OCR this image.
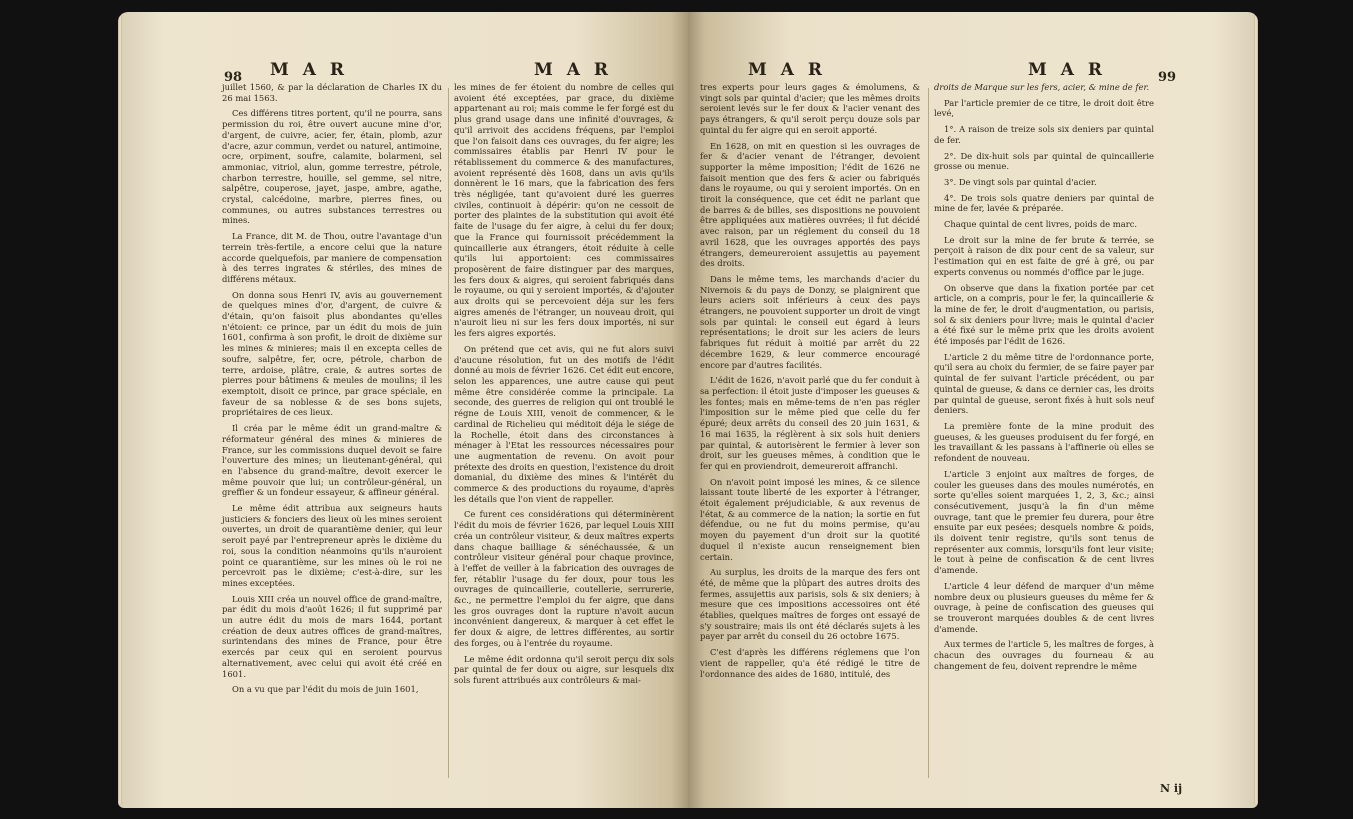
98 M A R	M A R

juillet 1560, & par la déclaration de Charles IX du 26 mai 1563.

Ces différens titres portent, qu'il ne pourra, sans permission du roi, être ouvert aucune mine d'or, d'argent, de cuivre, acier, fer, étain, plomb, azur d'acre, azur commun, verdet ou naturel, antimoine, ocre, orpiment, soufre, calamite, bolarmeni, sel ammoniac, vitriol, alun, gomme terrestre, pétrole, charbon terrestre, houille, sel gemme, sel nitre, salpêtre, couperose, jayet, jaspe, ambre, agathe, crystal, calcédoine, marbre, pierres fines, ou communes, ou autres substances terrestres ou mines.

La France, dit M. de Thou, outre l'avantage d'un terrein très-fertile, a encore celui que la nature accorde quelquefois, par maniere de compensation à des terres ingrates & stériles, des mines de différens métaux.

On donna sous Henri IV, avis au gouvernement de quelques mines d'or, d'argent, de cuivre & d'étain, qu'on faisoit plus abondantes qu'elles n'étoient: ce prince, par un édit du mois de juin 1601, confirma à son profit, le droit de dixième sur les mines & minieres; mais il en excepta celles de soufre, salpêtre, fer, ocre, pétrole, charbon de terre, ardoise, plâtre, craie, & autres sortes de pierres pour bâtimens & meules de moulins; il les exemptoit, disoit ce prince, par grace spéciale, en faveur de sa noblesse & de ses bons sujets, propriétaires de ces lieux.

Il créa par le même édit un grand-maître & réformateur général des mines & minieres de France, sur les commissions duquel devoit se faire l'ouverture des mines; un lieutenant-général, qui en l'absence du grand-maître, devoit exercer le même pouvoir que lui; un contrôleur-général, un greffier & un fondeur essayeur, & affineur général.

Le même édit attribua aux seigneurs hauts justiciers & fonciers des lieux où les mines seroient ouvertes, un droit de quarantième denier, qui leur seroit payé par l'entrepreneur après le dixième du roi, sous la condition néanmoins qu'ils n'auroient point ce quarantième, sur les mines où le roi ne percevroit pas le dixième; c'est-à-dire, sur les mines exceptées.

Louis XIII créa un nouvel office de grand-maître, par édit du mois d'août 1626; il fut supprimé par un autre édit du mois de mars 1644, portant création de deux autres offices de grand-maîtres, surintendans des mines de France, pour être exercés par ceux qui en seroient pourvus alternativement, avec celui qui avoit été créé en 1601.

On a vu que par l'édit du mois de juin 1601,

les mines de fer étoient du nombre de celles qui avoient été exceptées, par grace, du dixième appartenant au roi; mais comme le fer forgé est du plus grand usage dans une infinité d'ouvrages, & qu'il arrivoit des accidens fréquens, par l'emploi que l'on faisoit dans ces ouvrages, du fer aigre; les commissaires établis par Henri IV pour le rétablissement du commerce & des manufactures, avoient représenté dès 1608, dans un avis qu'ils donnèrent le 16 mars, que la fabrication des fers très négligée, tant qu'avoient duré les guerres civiles, continuoit à dépérir: qu'on ne cessoit de porter des plaintes de la substitution qui avoit été faite de l'usage du fer aigre, à celui du fer doux; que la France qui fournissoit précédemment la quincaillerie aux étrangers, étoit réduite à celle qu'ils lui apportoient: ces commissaires proposèrent de faire distinguer par des marques, les fers doux & aigres, qui seroient fabriqués dans le royaume, ou qui y seroient importés, & d'ajouter aux droits qui se percevoient déja sur les fers aigres amenés de l'étranger, un nouveau droit, qui n'auroit lieu ni sur les fers doux importés, ni sur les fers aigres exportés.

On prétend que cet avis, qui ne fut alors suivi d'aucune résolution, fut un des motifs de l'édit donné au mois de février 1626. Cet édit eut encore, selon les apparences, une autre cause qui peut même être considérée comme la principale. La seconde, des guerres de religion qui ont troublé le régne de Louis XIII, venoit de commencer, & le cardinal de Richelieu qui méditoit déja le siége de la Rochelle, étoit dans des circonstances à ménager à l'Etat les ressources nécessaires pour une augmentation de revenu. On avoit pour prétexte des droits en question, l'existence du droit domanial, du dixième des mines & l'intérêt du commerce & des productions du royaume, d'après les détails que l'on vient de rappeller.

Ce furent ces considérations qui déterminèrent l'édit du mois de février 1626, par lequel Louis XIII créa un contrôleur visiteur, & deux maîtres experts dans chaque bailliage & sénéchaussée, & un contrôleur visiteur général pour chaque province, à l'effet de veiller à la fabrication des ouvrages de fer, rétablir l'usage du fer doux, pour tous les ouvrages de quincaillerie, coutellerie, serrurerie, &c., ne permettre l'emploi du fer aigre, que dans les gros ouvrages dont la rupture n'avoit aucun inconvénient dangereux, & marquer à cet effet le fer doux & aigre, de lettres différentes, au sortir des forges, ou à l'entrée du royaume.

Le même édit ordonna qu'il seroit perçu dix sols par quintal de fer doux ou aigre, sur lesquels dix sols furent attribués aux contrôleurs & mai-

M A R	M A R	99

tres experts pour leurs gages & émolumens, & vingt sols par quintal d'acier; que les mêmes droits seroient levés sur le fer doux & l'acier venant des pays étrangers, & qu'il seroit perçu douze sols par quintal du fer aigre qui en seroit apporté.

En 1628, on mit en question si les ouvrages de fer & d'acier venant de l'étranger, devoient supporter la même imposition; l'édit de 1626 ne faisoit mention que des fers & acier ou fabriqués dans le royaume, ou qui y seroient importés. On en tiroit la conséquence, que cet édit ne parlant que de barres & de billes, ses dispositions ne pouvoient être appliquées aux matières ouvrées; il fut décidé avec raison, par un réglement du conseil du 18 avril 1628, que les ouvrages apportés des pays étrangers, demeureroient assujettis au payement des droits.

Dans le même tems, les marchands d'acier du Nivernois & du pays de Donzy, se plaignirent que leurs aciers soit inférieurs à ceux des pays étrangers, ne pouvoient supporter un droit de vingt sols par quintal: le conseil eut égard à leurs représentations; le droit sur les aciers de leurs fabriques fut réduit à moitié par arrêt du 22 décembre 1629, & leur commerce encouragé encore par d'autres facilités.

L'édit de 1626, n'avoit parlé que du fer conduit à sa perfection: il étoit juste d'imposer les gueuses & les fontes; mais en même-tems de n'en pas régler l'imposition sur le même pied que celle du fer épuré; deux arrêts du conseil des 20 juin 1631, & 16 mai 1635, la réglèrent à six sols huit deniers par quintal, & autorisèrent le fermier à lever son droit, sur les gueuses mêmes, à condition que le fer qui en proviendroit, demeureroit affranchi.

On n'avoit point imposé les mines, & ce silence laissant toute liberté de les exporter à l'étranger, étoit également préjudiciable, & aux revenus de l'état, & au commerce de la nation; la sortie en fut défendue, ou ne fut du moins permise, qu'au moyen du payement d'un droit sur la quotité duquel il n'existe aucun renseignement bien certain.

Au surplus, les droits de la marque des fers ont été, de même que la plûpart des autres droits des fermes, assujettis aux parisis, sols & six deniers; à mesure que ces impositions accessoires ont été établies, quelques maîtres de forges ont essayé de s'y soustraire; mais ils ont été déclarés sujets à les payer par arrêt du conseil du 26 octobre 1675.

C'est d'après les différens réglemens que l'on vient de rappeller, qu'a été rédigé le titre de l'ordonnance des aides de 1680, intitulé, des

droits de Marque sur les fers, acier, & mine de fer.

Par l'article premier de ce titre, le droit doit être levé,

1°. A raison de treize sols six deniers par quintal de fer.

2°. De dix-huit sols par quintal de quincaillerie grosse ou menue.

3°. De vingt sols par quintal d'acier.

4°. De trois sols quatre deniers par quintal de mine de fer, lavée & préparée.

Chaque quintal de cent livres, poids de marc.

Le droit sur la mine de fer brute & terrée, se perçoit à raison de dix pour cent de sa valeur, sur l'estimation qui en est faite de gré à gré, ou par experts convenus ou nommés d'office par le juge.

On observe que dans la fixation portée par cet article, on a compris, pour le fer, la quincaillerie & la mine de fer, le droit d'augmentation, ou parisis, sol & six deniers pour livre; mais le quintal d'acier a été fixé sur le même prix que les droits avoient été imposés par l'édit de 1626.

L'article 2 du même titre de l'ordonnance porte, qu'il sera au choix du fermier, de se faire payer par quintal de fer suivant l'article précédent, ou par quintal de gueuse, & dans ce dernier cas, les droits par quintal de gueuse, seront fixés à huit sols neuf deniers.

La première fonte de la mine produit des gueuses, & les gueuses produisent du fer forgé, en les travaillant & les passans à l'affinerie où elles se refondent de nouveau.

L'article 3 enjoint aux maîtres de forges, de couler les gueuses dans des moules numérotés, en sorte qu'elles soient marquées 1, 2, 3, &c.; ainsi consécutivement, jusqu'à la fin d'un même ouvrage, tant que le premier feu durera, pour être ensuite par eux pesées; desquels nombre & poids, ils doivent tenir registre, qu'ils sont tenus de représenter aux commis, lorsqu'ils font leur visite; le tout à peine de confiscation & de cent livres d'amende.

L'article 4 leur défend de marquer d'un même nombre deux ou plusieurs gueuses du même fer & ouvrage, à peine de confiscation des gueuses qui se trouveront marquées doubles & de cent livres d'amende.

Aux termes de l'article 5, les maîtres de forges, à chacun des ouvrages du fourneau & au changement de feu, doivent reprendre le même

N ij
